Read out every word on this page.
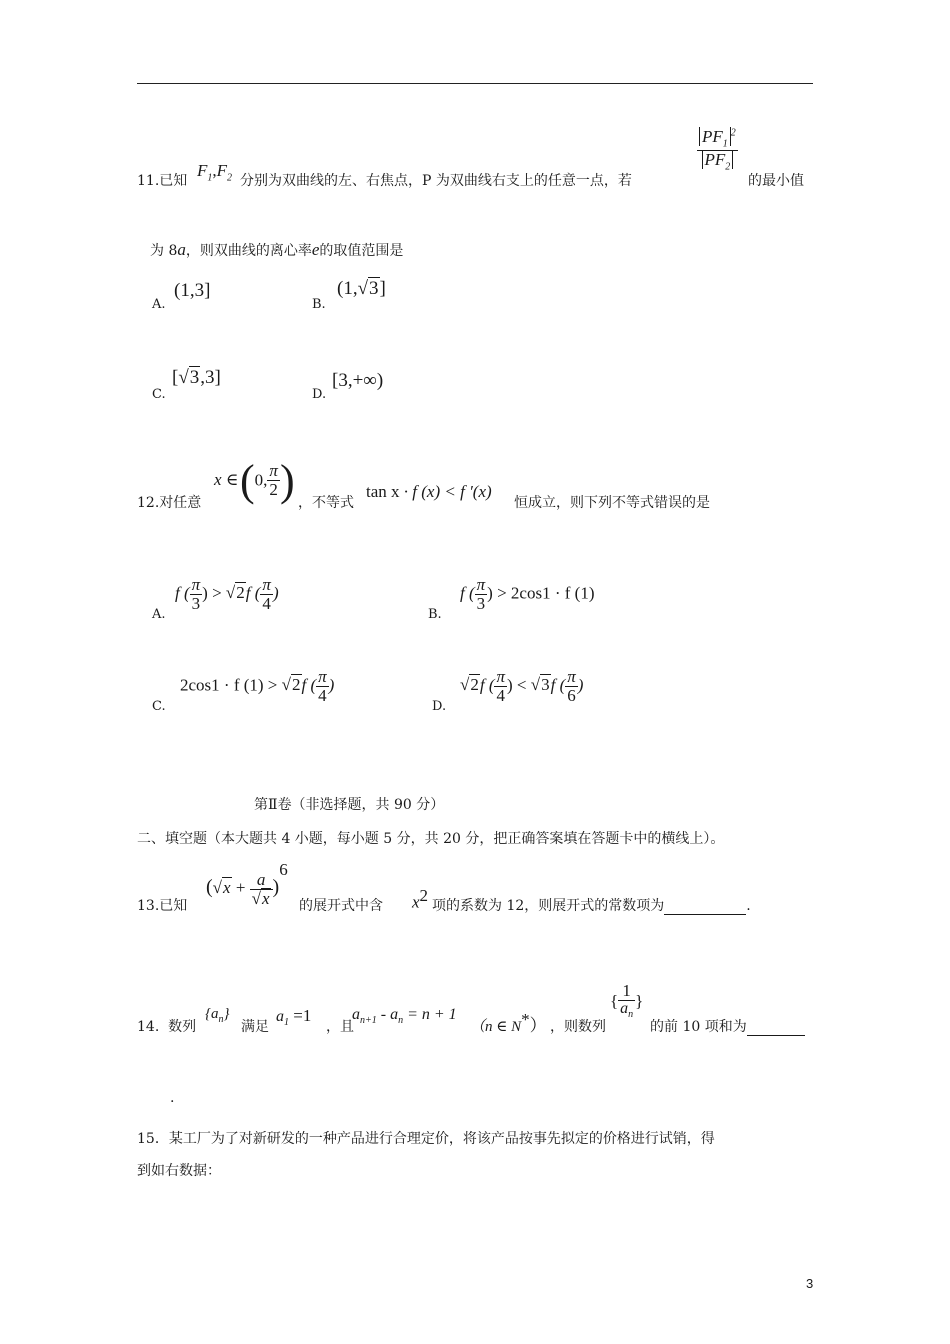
11.已知
$F_1,F_2$ 分别为双曲线的左、右焦点，P 为双曲线右支上的任意一点，若
$\frac{PF_1^2}{PF_2}$
的最小值
为 8a，则双曲线的离心率e的取值范围是
A.
(1,3]
B.
(1,√3]
C.
[√3,3]
D.
[3,+∞)
12.对任意
x ∈ (0, $\frac{\pi}{2}$ ) ，不等式
tan x · f (x) < f ′(x)
恒成立，则下列不等式错误的是
A.
f ( $\frac{\pi}{3}$ ) > √2f ( $\frac{\pi}{4}$ )
B.
f ( $\frac{\pi}{3}$ ) > 2cos1 · f (1)
C.
2cos1 · f (1) > √2f ( $\frac{\pi}{4}$ )
D.
√2f ( $\frac{\pi}{4}$ ) < √3f ( $\frac{\pi}{6}$ )
第Ⅱ卷（非选择题，共 90 分）
二、填空题（本大题共 4 小题，每小题 5 分，共 20 分，把正确答案填在答题卡中的横线上）。
13.已知
$(√x + \frac{a}{√x} )^6$
的展开式中含 $x^2$
项的系数为 12，则展开式的常数项为	.
14. 数列
$\{a_n\}$
满足
$a_1 =1$
，且
$a_{n+1} - a_n = n + 1$
（n ∈ N*） ，则数列
{ $\frac{1}{a_n}$ }
的前 10 项和为
.
15．某工厂为了对新研发的一种产品进行合理定价，将该产品按事先拟定的价格进行试销，得
到如右数据：
3
